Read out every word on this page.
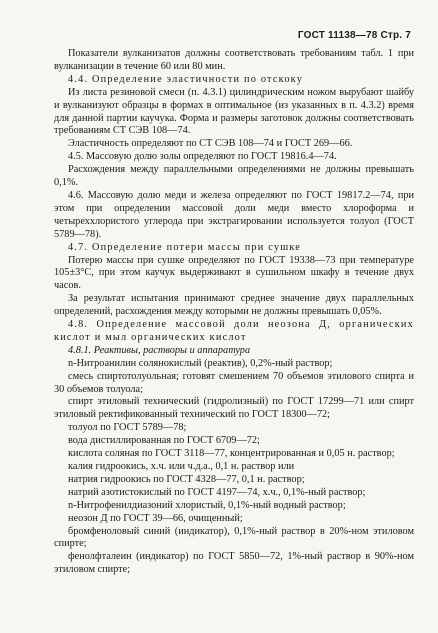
ГОСТ 11138—78 Стр. 7

Показатели вулканизатов должны соответствовать требованиям табл. 1 при вулканизации в течение 60 или 80 мин.

4.4. Определение эластичности по отскоку

Из листа резиновой смеси (п. 4.3.1) цилиндрическим ножом вырубают шайбу и вулканизуют образцы в формах в оптимальное (из указанных в п. 4.3.2) время для данной партии каучука. Форма и размеры заготовок должны соответствовать требованиям СТ СЭВ 108—74.

Эластичность определяют по СТ СЭВ 108—74 и ГОСТ 269—66.

4.5. Массовую долю золы определяют по ГОСТ 19816.4—74.

Расхождения между параллельными определениями не должны превышать 0,1%.

4.6. Массовую долю меди и железа определяют по ГОСТ 19817.2—74, при этом при определении массовой доли меди вместо хлороформа и четыреххлористого углерода при экстрагировании используется толуол (ГОСТ 5789—78).

4.7. Определение потери массы при сушке

Потерю массы при сушке определяют по ГОСТ 19338—73 при температуре 105±3°С, при этом каучук выдерживают в сушильном шкафу в течение двух часов.

За результат испытания принимают среднее значение двух параллельных определений, расхождения между которыми не должны превышать 0,05%.

4.8. Определение массовой доли неозона Д, органических кислот и мыл органических кислот

4.8.1. Реактивы, растворы и аппаратура

n-Нитроанилин солянокислый (реактив), 0,2%-ный раствор;

смесь спиртотолуольная; готовят смешением 70 объемов этилового спирта и 30 объемов толуола;

спирт этиловый технический (гидролизный) по ГОСТ 17299—71 или спирт этиловый ректификованный технический по ГОСТ 18300—72;

толуол по ГОСТ 5789—78;

вода дистиллированная по ГОСТ 6709—72;

кислота соляная по ГОСТ 3118—77, концентрированная и 0,05 н. раствор;

калия гидроокись, х.ч. или ч.д.а., 0,1 н. раствор или

натрия гидроокись по ГОСТ 4328—77, 0,1 н. раствор;

натрий азотистокислый по ГОСТ 4197—74, х.ч., 0,1%-ный раствор;

n-Нитрофенилдиазоний хлористый, 0,1%-ный водный раствор;

неозон Д по ГОСТ 39—66, очищенный;

бромфеноловый синий (индикатор), 0,1%-ный раствор в 20%-ном этиловом спирте;

фенолфталеин (индикатор) по ГОСТ 5850—72, 1%-ный раствор в 90%-ном этиловом спирте;
